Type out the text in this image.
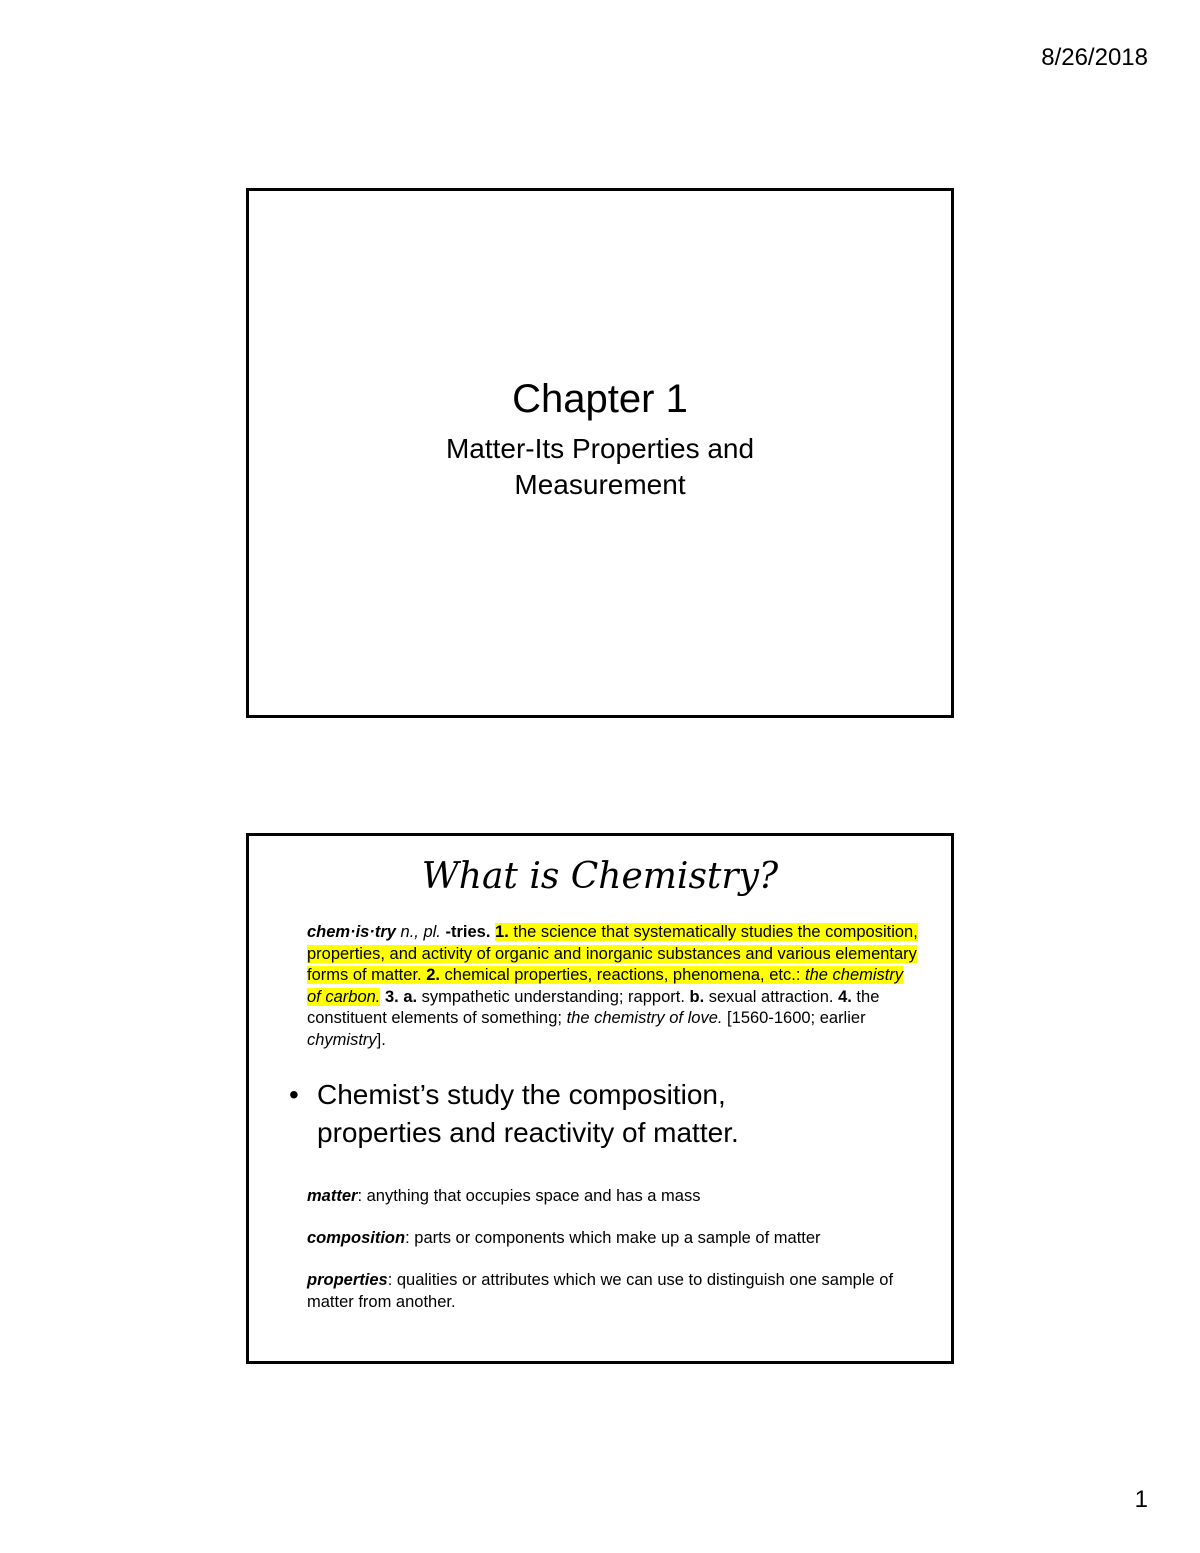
8/26/2018
Chapter 1
Matter-Its Properties and
Measurement
What is Chemistry?
chem·is·try n., pl. -tries. 1. the science that systematically studies the composition, properties, and activity of organic and inorganic substances and various elementary forms of matter. 2. chemical properties, reactions, phenomena, etc.: the chemistry of carbon. 3. a. sympathetic understanding; rapport. b. sexual attraction. 4. the constituent elements of something; the chemistry of love. [1560-1600; earlier chymistry].
• Chemist’s study the composition, properties and reactivity of matter.
matter: anything that occupies space and has a mass
composition: parts or components which make up a sample of matter
properties: qualities or attributes which we can use to distinguish one sample of matter from another.
1
